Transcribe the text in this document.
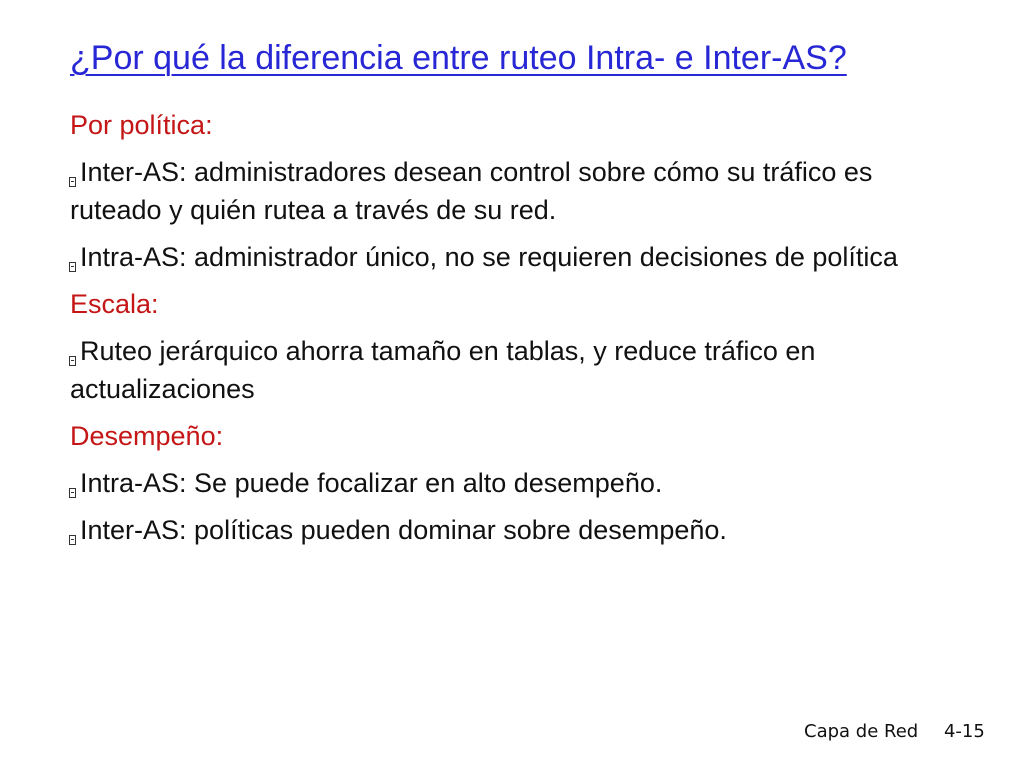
¿Por qué la diferencia entre ruteo Intra- e Inter-AS?
Por política:
Inter-AS: administradores desean control sobre cómo su tráfico es ruteado y quién rutea a través de su red.
Intra-AS: administrador único, no se requieren decisiones de política
Escala:
Ruteo jerárquico ahorra tamaño en tablas, y reduce tráfico en actualizaciones
Desempeño:
Intra-AS: Se puede focalizar en alto desempeño.
Inter-AS: políticas pueden dominar sobre desempeño.
Capa de Red 4-15
